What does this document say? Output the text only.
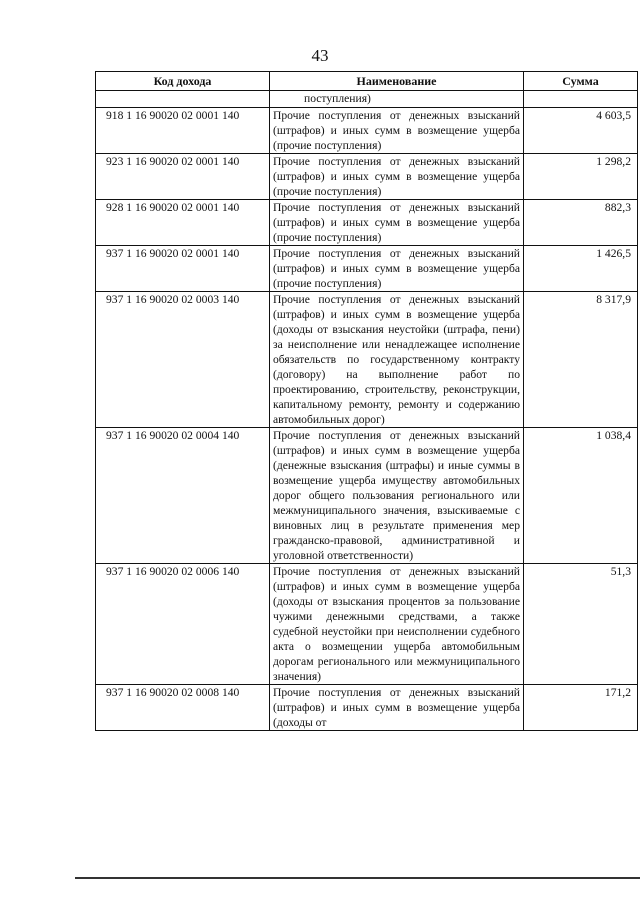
43
Код дохода	Наименование	Сумма
	поступления)	
918 1 16 90020 02 0001 140	Прочие поступления от денежных взысканий (штрафов) и иных сумм в возмещение ущерба (прочие поступления)	4 603,5
923 1 16 90020 02 0001 140	Прочие поступления от денежных взысканий (штрафов) и иных сумм в возмещение ущерба (прочие поступления)	1 298,2
928 1 16 90020 02 0001 140	Прочие поступления от денежных взысканий (штрафов) и иных сумм в возмещение ущерба (прочие поступления)	882,3
937 1 16 90020 02 0001 140	Прочие поступления от денежных взысканий (штрафов) и иных сумм в возмещение ущерба (прочие поступления)	1 426,5
937 1 16 90020 02 0003 140	Прочие поступления от денежных взысканий (штрафов) и иных сумм в возмещение ущерба (доходы от взыскания неустойки (штрафа, пени) за неисполнение или ненадлежащее исполнение обязательств по государственному контракту (договору) на выполнение работ по проектированию, строительству, реконструкции, капитальному ремонту, ремонту и содержанию автомобильных дорог)	8 317,9
937 1 16 90020 02 0004 140	Прочие поступления от денежных взысканий (штрафов) и иных сумм в возмещение ущерба (денежные взыскания (штрафы) и иные суммы в возмещение ущерба имуществу автомобильных дорог общего пользования регионального или межмуниципального значения, взыскиваемые с виновных лиц в результате применения мер гражданско-правовой, административной и уголовной ответственности)	1 038,4
937 1 16 90020 02 0006 140	Прочие поступления от денежных взысканий (штрафов) и иных сумм в возмещение ущерба (доходы от взыскания процентов за пользование чужими денежными средствами, а также судебной неустойки при неисполнении судебного акта о возмещении ущерба автомобильным дорогам регионального или межмуниципального значения)	51,3
937 1 16 90020 02 0008 140	Прочие поступления от денежных взысканий (штрафов) и иных сумм в возмещение ущерба (доходы от	171,2
